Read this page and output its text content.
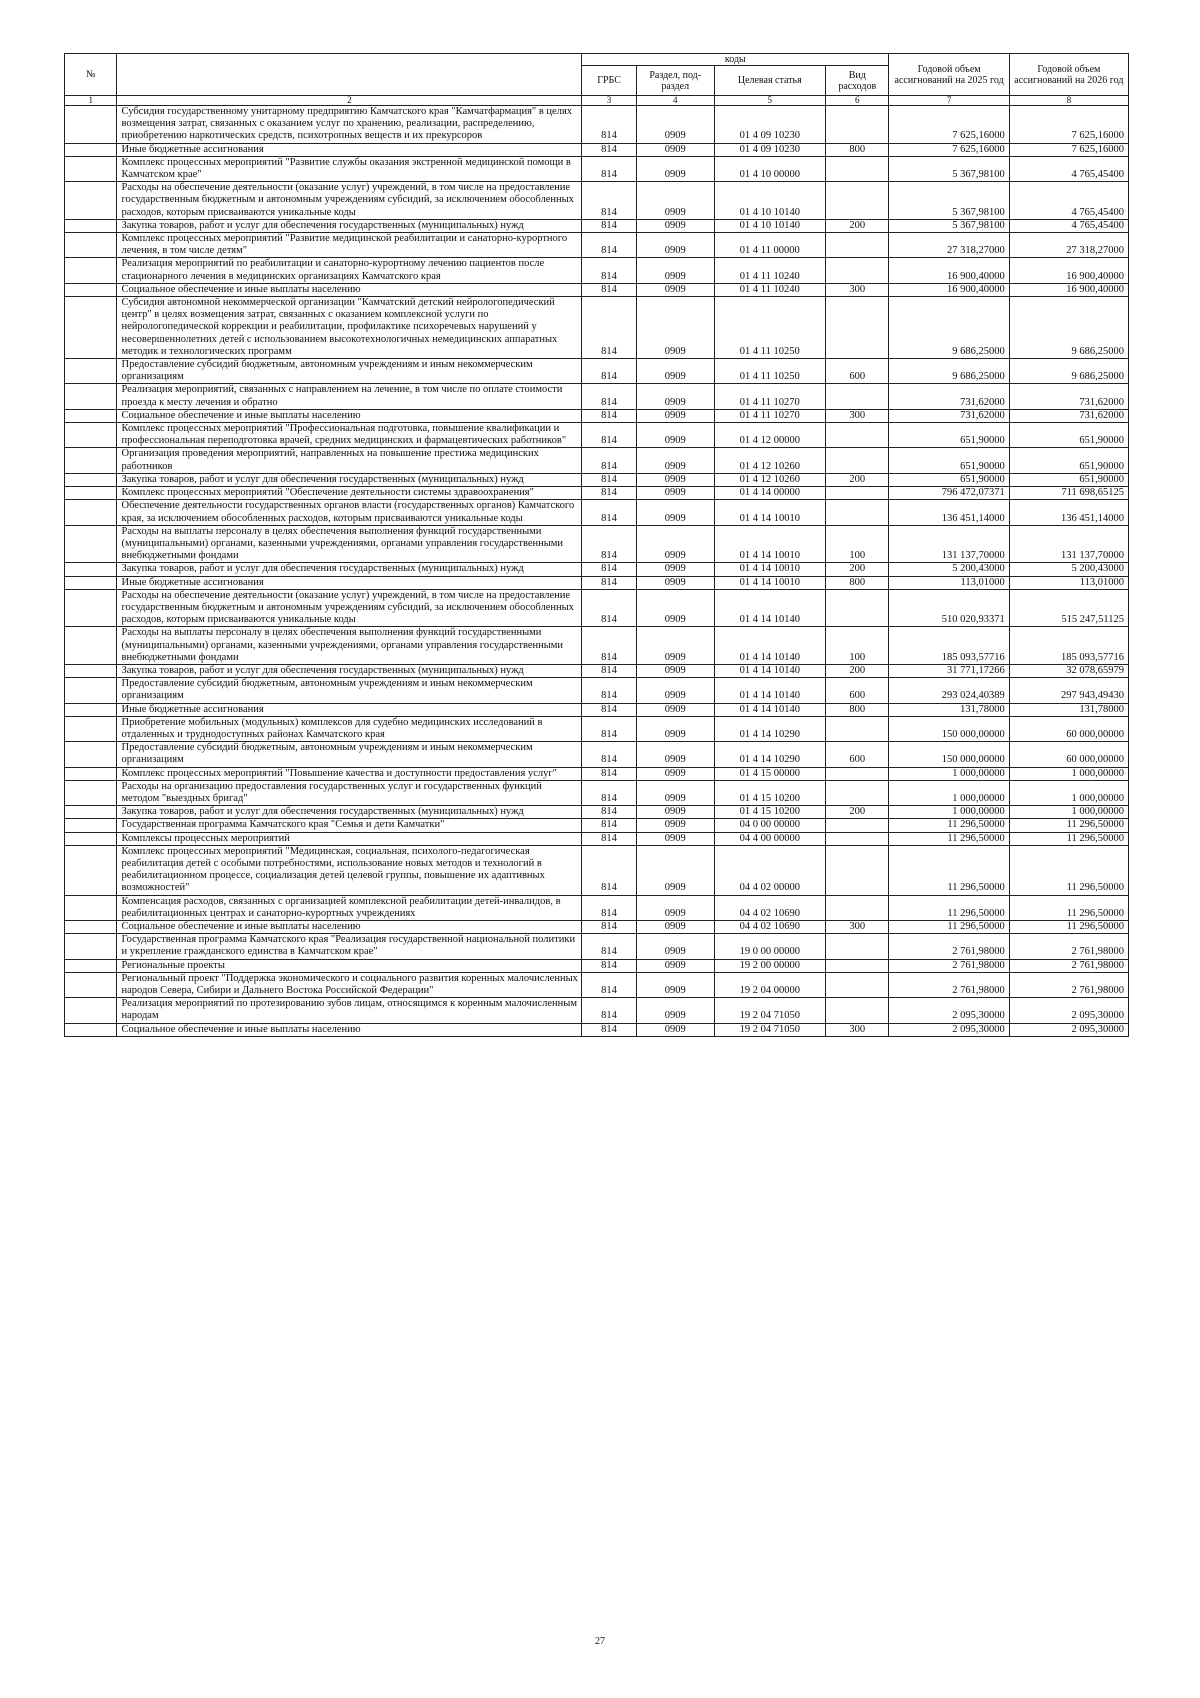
№		коды				Годовой объем ассигнований на 2025 год	Годовой объем ассигнований на 2026 год
		ГРБС	Раздел, под-раздел	Целевая статья	Вид расходов		
1	2	3	4	5	6	7	8
	Субсидия государственному унитарному предприятию Камчатского края "Камчатфармация" в целях возмещения затрат, связанных с оказанием услуг по хранению, реализации, распределению, приобретению наркотических средств, психотропных веществ и их прекурсоров	814	0909	01 4 09 10230		7 625,16000	7 625,16000
	Иные бюджетные ассигнования	814	0909	01 4 09 10230	800	7 625,16000	7 625,16000
	Комплекс процессных мероприятий "Развитие службы оказания экстренной медицинской помощи в Камчатском крае"	814	0909	01 4 10 00000		5 367,98100	4 765,45400
	Расходы на обеспечение деятельности (оказание услуг) учреждений, в том числе на предоставление государственным бюджетным и автономным учреждениям субсидий, за исключением обособленных расходов, которым присваиваются уникальные коды	814	0909	01 4 10 10140		5 367,98100	4 765,45400
	Закупка товаров, работ и услуг для обеспечения государственных (муниципальных) нужд	814	0909	01 4 10 10140	200	5 367,98100	4 765,45400
	Комплекс процессных мероприятий "Развитие медицинской реабилитации и санаторно-курортного лечения, в том числе детям"	814	0909	01 4 11 00000		27 318,27000	27 318,27000
	Реализация мероприятий по реабилитации и санаторно-курортному лечению пациентов после стационарного лечения в медицинских организациях Камчатского края	814	0909	01 4 11 10240		16 900,40000	16 900,40000
	Социальное обеспечение и иные выплаты населению	814	0909	01 4 11 10240	300	16 900,40000	16 900,40000
	Субсидия автономной некоммерческой организации "Камчатский детский нейрологопедический центр" в целях возмещения затрат, связанных с оказанием комплексной услуги по нейрологопедической коррекции и реабилитации, профилактике психоречевых нарушений у несовершеннолетних детей с использованием высокотехнологичных немедицинских аппаратных методик и технологических программ	814	0909	01 4 11 10250		9 686,25000	9 686,25000
	Предоставление субсидий бюджетным, автономным учреждениям и иным некоммерческим организациям	814	0909	01 4 11 10250	600	9 686,25000	9 686,25000
	Реализация мероприятий, связанных с направлением на лечение, в том числе по оплате стоимости проезда к месту лечения и обратно	814	0909	01 4 11 10270		731,62000	731,62000
	Социальное обеспечение и иные выплаты населению	814	0909	01 4 11 10270	300	731,62000	731,62000
	Комплекс процессных мероприятий "Профессиональная подготовка, повышение квалификации и профессиональная переподготовка врачей, средних медицинских и фармацевтических работников"	814	0909	01 4 12 00000		651,90000	651,90000
	Организация проведения мероприятий, направленных на повышение престижа медицинских работников	814	0909	01 4 12 10260		651,90000	651,90000
	Закупка товаров, работ и услуг для обеспечения государственных (муниципальных) нужд	814	0909	01 4 12 10260	200	651,90000	651,90000
	Комплекс процессных мероприятий "Обеспечение деятельности системы здравоохранения"	814	0909	01 4 14 00000		796 472,07371	711 698,65125
	Обеспечение деятельности государственных органов власти (государственных органов) Камчатского края, за исключением обособленных расходов, которым присваиваются уникальные коды	814	0909	01 4 14 10010		136 451,14000	136 451,14000
	Расходы на выплаты персоналу в целях обеспечения выполнения функций государственными (муниципальными) органами, казенными учреждениями, органами управления государственными внебюджетными фондами	814	0909	01 4 14 10010	100	131 137,70000	131 137,70000
	Закупка товаров, работ и услуг для обеспечения государственных (муниципальных) нужд	814	0909	01 4 14 10010	200	5 200,43000	5 200,43000
	Иные бюджетные ассигнования	814	0909	01 4 14 10010	800	113,01000	113,01000
	Расходы на обеспечение деятельности (оказание услуг) учреждений, в том числе на предоставление государственным бюджетным и автономным учреждениям субсидий, за исключением обособленных расходов, которым присваиваются уникальные коды	814	0909	01 4 14 10140		510 020,93371	515 247,51125
	Расходы на выплаты персоналу в целях обеспечения выполнения функций государственными (муниципальными) органами, казенными учреждениями, органами управления государственными внебюджетными фондами	814	0909	01 4 14 10140	100	185 093,57716	185 093,57716
	Закупка товаров, работ и услуг для обеспечения государственных (муниципальных) нужд	814	0909	01 4 14 10140	200	31 771,17266	32 078,65979
	Предоставление субсидий бюджетным, автономным учреждениям и иным некоммерческим организациям	814	0909	01 4 14 10140	600	293 024,40389	297 943,49430
	Иные бюджетные ассигнования	814	0909	01 4 14 10140	800	131,78000	131,78000
	Приобретение мобильных (модульных) комплексов для судебно медицинских исследований в отдаленных и труднодоступных районах Камчатского края	814	0909	01 4 14 10290		150 000,00000	60 000,00000
	Предоставление субсидий бюджетным, автономным учреждениям и иным некоммерческим организациям	814	0909	01 4 14 10290	600	150 000,00000	60 000,00000
	Комплекс процессных мероприятий "Повышение качества и доступности предоставления услуг"	814	0909	01 4 15 00000		1 000,00000	1 000,00000
	Расходы на организацию предоставления государственных услуг и государственных функций методом "выездных бригад"	814	0909	01 4 15 10200		1 000,00000	1 000,00000
	Закупка товаров, работ и услуг для обеспечения государственных (муниципальных) нужд	814	0909	01 4 15 10200	200	1 000,00000	1 000,00000
	Государственная программа Камчатского края "Семья и дети Камчатки"	814	0909	04 0 00 00000		11 296,50000	11 296,50000
	Комплексы процессных мероприятий	814	0909	04 4 00 00000		11 296,50000	11 296,50000
	Комплекс процессных мероприятий "Медицинская, социальная, психолого-педагогическая реабилитация детей с особыми потребностями, использование новых методов и технологий в реабилитационном процессе, социализация детей целевой группы, повышение их адаптивных возможностей"	814	0909	04 4 02 00000		11 296,50000	11 296,50000
	Компенсация расходов, связанных с организацией комплексной реабилитации детей-инвалидов, в реабилитационных центрах и санаторно-курортных учреждениях	814	0909	04 4 02 10690		11 296,50000	11 296,50000
	Социальное обеспечение и иные выплаты населению	814	0909	04 4 02 10690	300	11 296,50000	11 296,50000
	Государственная программа Камчатского края "Реализация государственной национальной политики и укрепление гражданского единства в Камчатском крае"	814	0909	19 0 00 00000		2 761,98000	2 761,98000
	Региональные проекты	814	0909	19 2 00 00000		2 761,98000	2 761,98000
	Региональный проект "Поддержка экономического и социального развития коренных малочисленных народов Севера, Сибири и Дальнего Востока Российской Федерации"	814	0909	19 2 04 00000		2 761,98000	2 761,98000
	Реализация мероприятий по протезированию зубов лицам, относящимся к коренным малочисленным народам	814	0909	19 2 04 71050		2 095,30000	2 095,30000
	Социальное обеспечение и иные выплаты населению	814	0909	19 2 04 71050	300	2 095,30000	2 095,30000
27
